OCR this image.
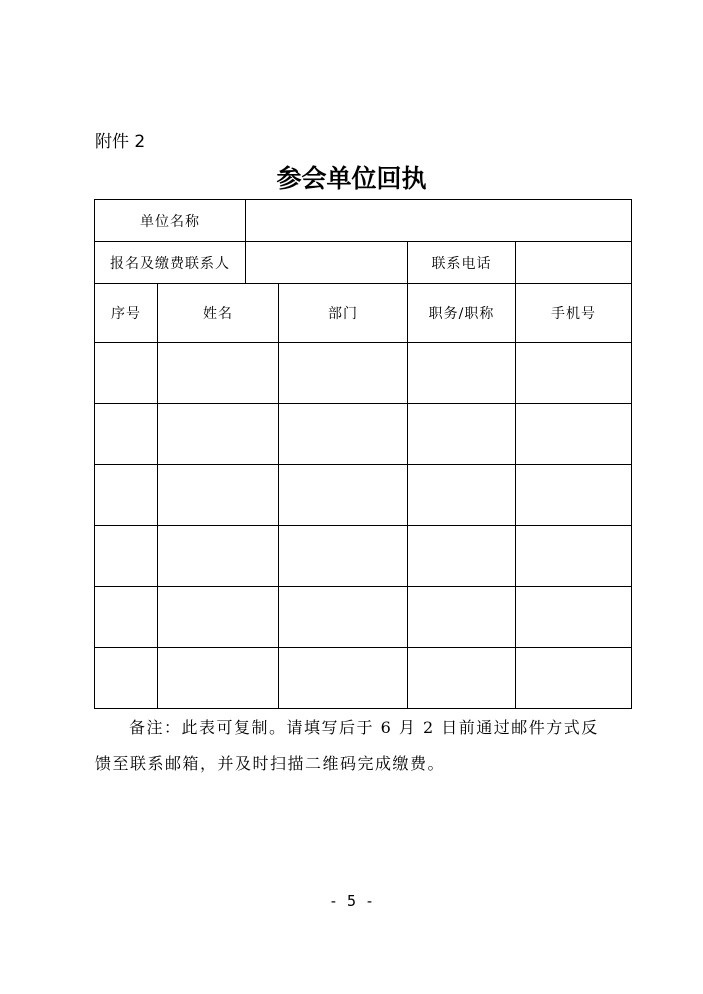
附件 2
参会单位回执
单位名称					
报名及缴费联系人				联系电话	
序号	姓名		部门	职务/职称	手机号

备注：此表可复制。请填写后于 6 月 2 日前通过邮件方式反

馈至联系邮箱，并及时扫描二维码完成缴费。

- 5 -
